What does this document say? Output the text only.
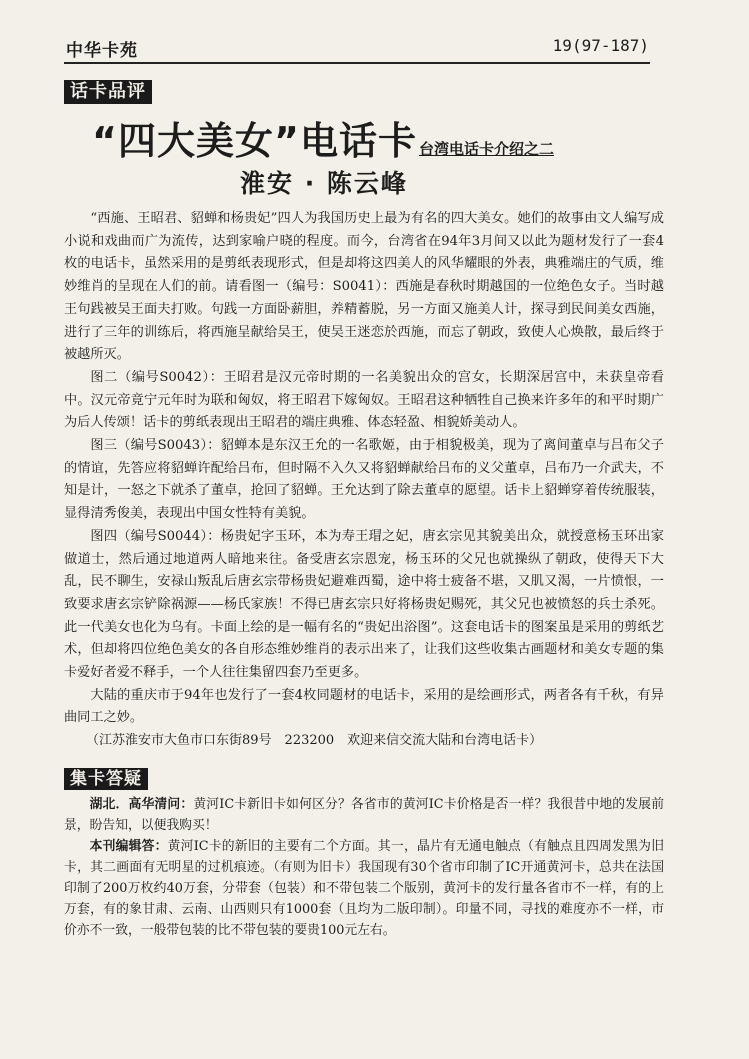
中华卡苑	19(97-187)
话卡品评
“四大美女”电话卡 台湾电话卡介绍之二
淮安 · 陈云峰

“西施、王昭君、貂蝉和杨贵妃”四人为我国历史上最为有名的四大美女。她们的故事由文人编写成小说和戏曲而广为流传，达到家喻户晓的程度。而今，台湾省在94年3月间又以此为题材发行了一套4枚的电话卡，虽然采用的是剪纸表现形式，但是却将这四美人的风华耀眼的外表，典雅端庄的气质，维妙维肖的呈现在人们的前。请看图一（编号：S0041）：西施是春秋时期越国的一位绝色女子。当时越王句践被吴王面夫打败。句践一方面卧薪胆，养精蓄脱，另一方面又施美人计，探寻到民间美女西施，进行了三年的训练后，将西施呈献给吴王，使吴王迷恋於西施，而忘了朝政，致使人心焕散，最后终于被越所灭。

图二（编号S0042）：王昭君是汉元帝时期的一名美貌出众的宫女，长期深居宫中，未获皇帝看中。汉元帝竟宁元年时为联和匈奴，将王昭君下嫁匈奴。王昭君这种牺牲自己换来许多年的和平时期广为后人传颂！话卡的剪纸表现出王昭君的端庄典雅、体态轻盈、相貌娇美动人。

图三（编号S0043）：貂蝉本是东汉王允的一名歌姬，由于相貌极美，现为了离间董卓与吕布父子的情谊，先答应将貂蝉许配给吕布，但时隔不入久又将貂蝉献给吕布的义父董卓，吕布乃一介武夫，不知是计，一怒之下就杀了董卓，抢回了貂蝉。王允达到了除去董卓的愿望。话卡上貂蝉穿着传统服装，显得清秀俊美，表现出中国女性特有美貌。

图四（编号S0044）：杨贵妃字玉环，本为寿王瑁之妃，唐玄宗见其貌美出众，就授意杨玉环出家做道士，然后通过地道两人暗地来往。备受唐玄宗恩宠，杨玉环的父兄也就操纵了朝政，使得天下大乱，民不聊生，安禄山叛乱后唐玄宗带杨贵妃避难西蜀，途中将士疲备不堪，又肌又渴，一片愤恨，一致要求唐玄宗铲除祸源——杨氏家族！不得已唐玄宗只好将杨贵妃赐死，其父兄也被愤怒的兵士杀死。此一代美女也化为乌有。卡面上绘的是一幅有名的“贵妃出浴图”。这套电话卡的图案虽是采用的剪纸艺术，但却将四位绝色美女的各自形态维妙维肖的表示出来了，让我们这些收集古画题材和美女专题的集卡爱好者爱不释手，一个人往往集留四套乃至更多。

大陆的重庆市于94年也发行了一套4枚同题材的电话卡，采用的是绘画形式，两者各有千秋，有异曲同工之妙。

（江苏淮安市大鱼市口东街89号　223200　欢迎来信交流大陆和台湾电话卡）

集卡答疑

湖北．高华清问：黄河IC卡新旧卡如何区分？各省市的黄河IC卡价格是否一样？我很昔中地的发展前景，盼告知，以便我购买！

本刊编辑答：黄河IC卡的新旧的主要有二个方面。其一，晶片有无通电触点（有触点且四周发黑为旧卡，其二画面有无明星的过机痕迹。（有则为旧卡）我国现有30个省市印制了IC开通黄河卡，总共在法国印制了200万枚约40万套，分带套（包装）和不带包装二个版别，黄河卡的发行量各省市不一样，有的上万套，有的象甘肃、云南、山西则只有1000套（且均为二版印制）。印量不同，寻找的难度亦不一样，市价亦不一致，一般带包装的比不带包装的要贵100元左右。
